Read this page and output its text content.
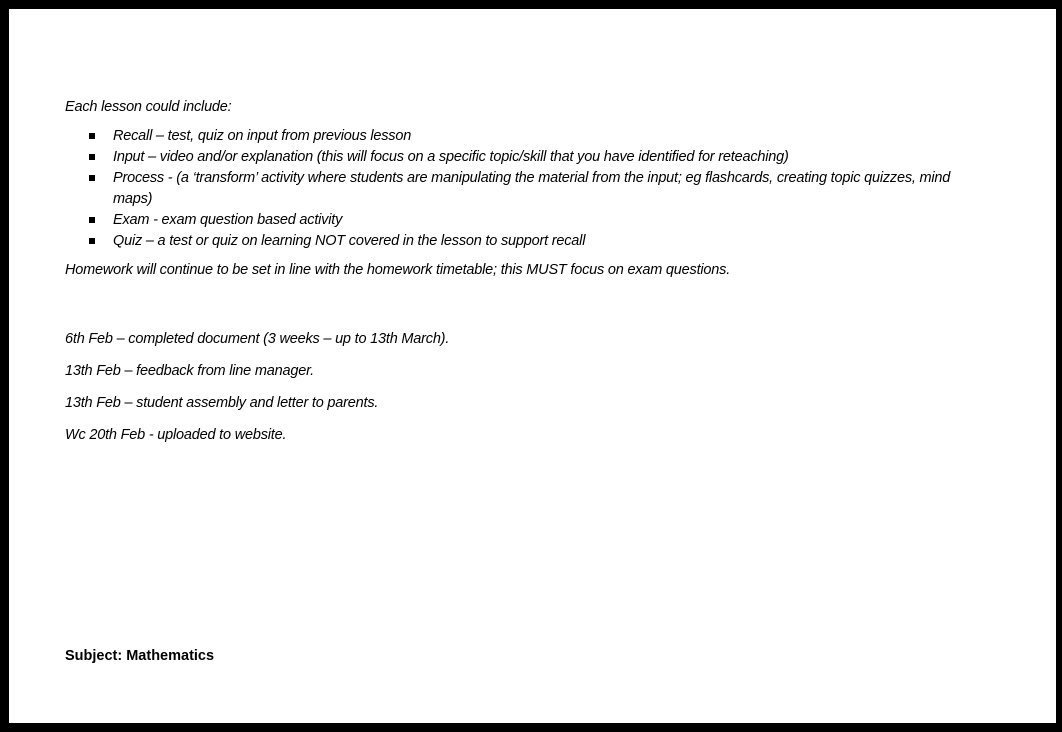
Each lesson could include:

Recall – test, quiz on input from previous lesson
Input – video and/or explanation (this will focus on a specific topic/skill that you have identified for reteaching)
Process - (a ‘transform’ activity where students are manipulating the material from the input; eg flashcards, creating topic quizzes, mind maps)
Exam - exam question based activity
Quiz – a test or quiz on learning NOT covered in the lesson to support recall

Homework will continue to be set in line with the homework timetable; this MUST focus on exam questions.

6th Feb – completed document (3 weeks – up to 13th March).

13th Feb – feedback from line manager.

13th Feb – student assembly and letter to parents.

Wc 20th Feb - uploaded to website.

Subject: Mathematics
